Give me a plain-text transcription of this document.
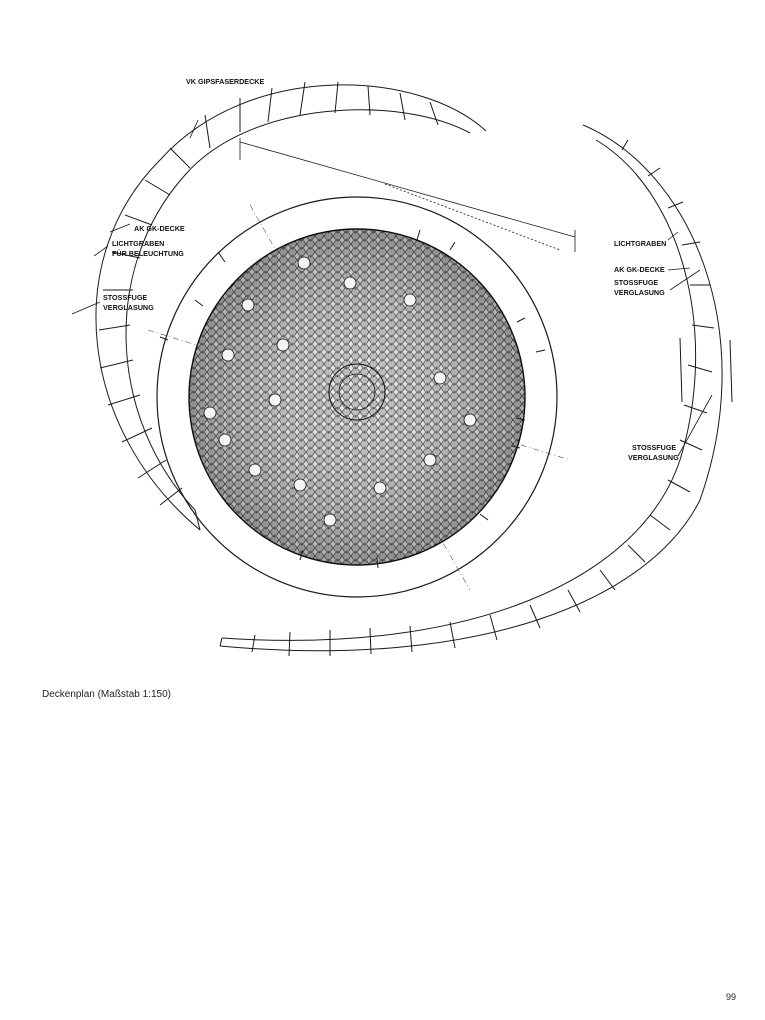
VK GIPSFASERDECKE
AK GK-DECKE
LICHTGRABEN
FÜR BELEUCHTUNG
STOSSFUGE
VERGLASUNG
LICHTGRABEN
AK GK-DECKE
STOSSFUGE
VERGLASUNG
STOSSFUGE
VERGLASUNG
Deckenplan (Maßstab 1:150)
99
